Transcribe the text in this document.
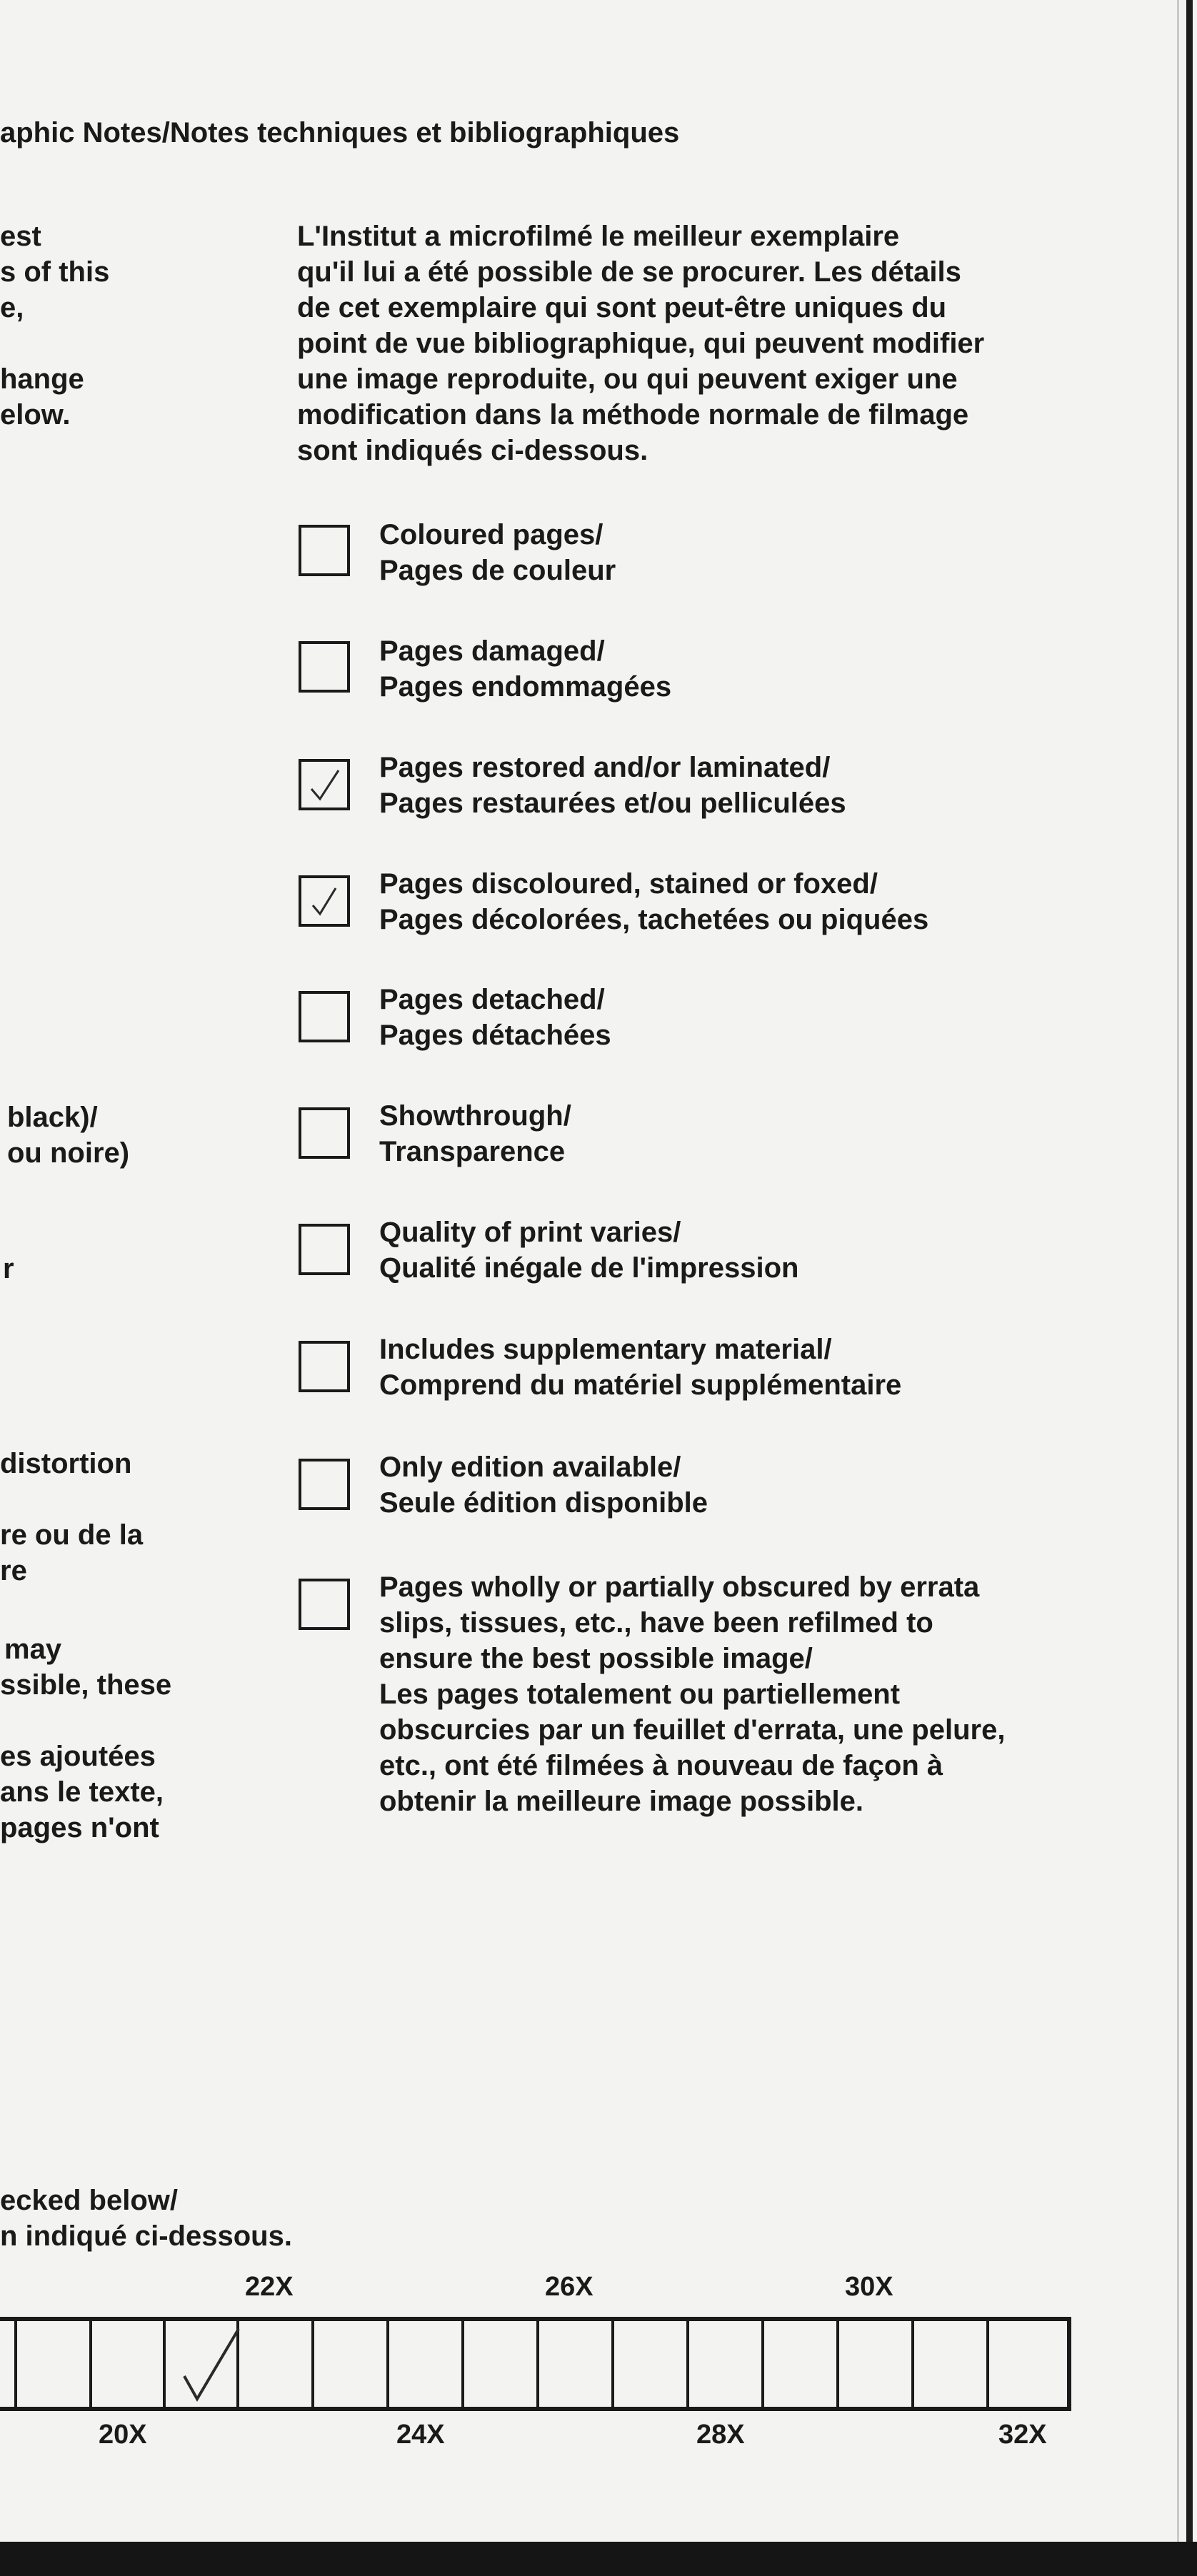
aphic Notes/Notes techniques et bibliographiques
est
s of this
e,
hange
elow.
L'Institut a microfilmé le meilleur exemplaire
qu'il lui a été possible de se procurer. Les détails
de cet exemplaire qui sont peut-être uniques du
point de vue bibliographique, qui peuvent modifier
une image reproduite, ou qui peuvent exiger une
modification dans la méthode normale de filmage
sont indiqués ci-dessous.
Coloured pages/
Pages de couleur
Pages damaged/
Pages endommagées
Pages restored and/or laminated/
Pages restaurées et/ou pelliculées
Pages discoloured, stained or foxed/
Pages décolorées, tachetées ou piquées
Pages detached/
Pages détachées
Showthrough/
Transparence
Quality of print varies/
Qualité inégale de l'impression
Includes supplementary material/
Comprend du matériel supplémentaire
Only edition available/
Seule édition disponible
Pages wholly or partially obscured by errata
slips, tissues, etc., have been refilmed to
ensure the best possible image/
Les pages totalement ou partiellement
obscurcies par un feuillet d'errata, une pelure,
etc., ont été filmées à nouveau de façon à
obtenir la meilleure image possible.
black)/
ou noire)
r
distortion
re ou de la
re
may
ssible, these
es ajoutées
ans le texte,
pages n'ont
ecked below/
n indiqué ci-dessous.
22X	26X	30X
20X	24X	28X	32X
